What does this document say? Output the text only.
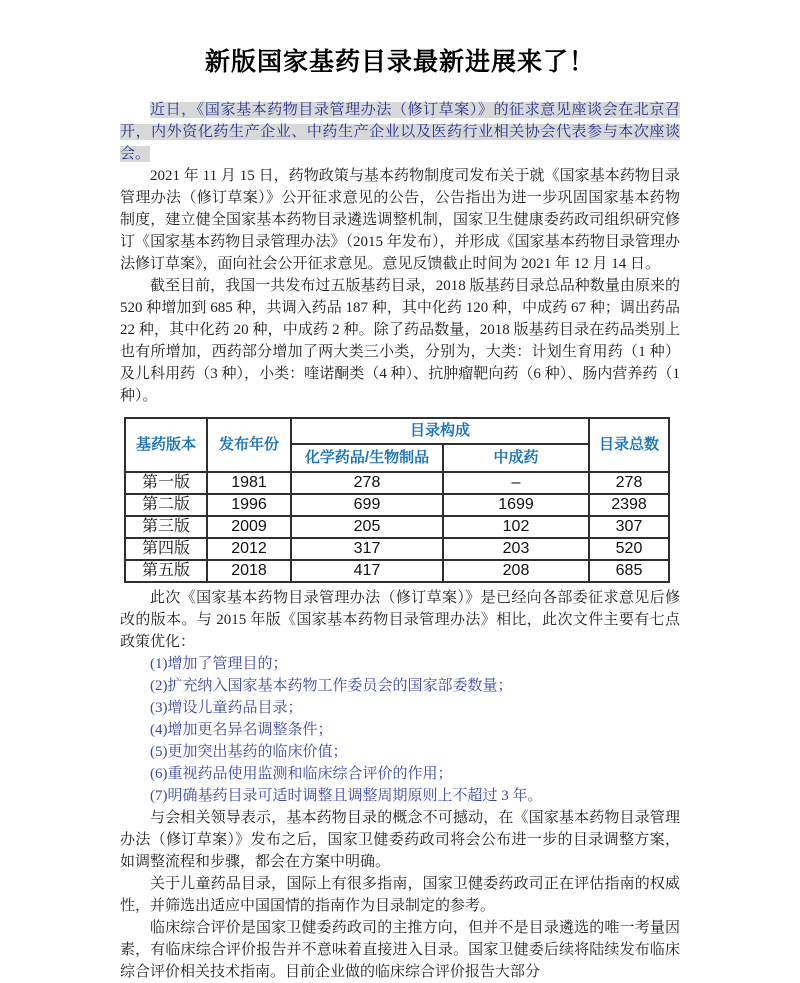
新版国家基药目录最新进展来了！

近日，《国家基本药物目录管理办法（修订草案）》的征求意见座谈会在北京召开，内外资化药生产企业、中药生产企业以及医药行业相关协会代表参与本次座谈会。

2021 年 11 月 15 日，药物政策与基本药物制度司发布关于就《国家基本药物目录管理办法（修订草案）》公开征求意见的公告，公告指出为进一步巩固国家基本药物制度，建立健全国家基本药物目录遴选调整机制，国家卫生健康委药政司组织研究修订《国家基本药物目录管理办法》（2015 年发布），并形成《国家基本药物目录管理办法修订草案》，面向社会公开征求意见。意见反馈截止时间为 2021 年 12 月 14 日。

截至目前，我国一共发布过五版基药目录，2018 版基药目录总品种数量由原来的 520 种增加到 685 种，共调入药品 187 种，其中化药 120 种，中成药 67 种；调出药品 22 种，其中化药 20 种，中成药 2 种。除了药品数量，2018 版基药目录在药品类别上也有所增加，西药部分增加了两大类三小类，分别为，大类：计划生育用药（1 种）及儿科用药（3 种），小类：喹诺酮类（4 种）、抗肿瘤靶向药（6 种）、肠内营养药（1 种）。

基药版本	发布年份	目录构成		目录总数
		化学药品/生物制品	中成药	
第一版	1981	278	–	278
第二版	1996	699	1699	2398
第三版	2009	205	102	307
第四版	2012	317	203	520
第五版	2018	417	208	685

此次《国家基本药物目录管理办法（修订草案）》是已经向各部委征求意见后修改的版本。与 2015 年版《国家基本药物目录管理办法》相比，此次文件主要有七点政策优化：

(1)增加了管理目的；

(2)扩充纳入国家基本药物工作委员会的国家部委数量；

(3)增设儿童药品目录；

(4)增加更名异名调整条件；

(5)更加突出基药的临床价值；

(6)重视药品使用监测和临床综合评价的作用；

(7)明确基药目录可适时调整且调整周期原则上不超过 3 年。

与会相关领导表示，基本药物目录的概念不可撼动，在《国家基本药物目录管理办法（修订草案）》发布之后，国家卫健委药政司将会公布进一步的目录调整方案，如调整流程和步骤，都会在方案中明确。

关于儿童药品目录，国际上有很多指南，国家卫健委药政司正在评估指南的权威性，并筛选出适应中国国情的指南作为目录制定的参考。

临床综合评价是国家卫健委药政司的主推方向，但并不是目录遴选的唯一考量因素，有临床综合评价报告并不意味着直接进入目录。国家卫健委后续将陆续发布临床综合评价相关技术指南。目前企业做的临床综合评价报告大部分
